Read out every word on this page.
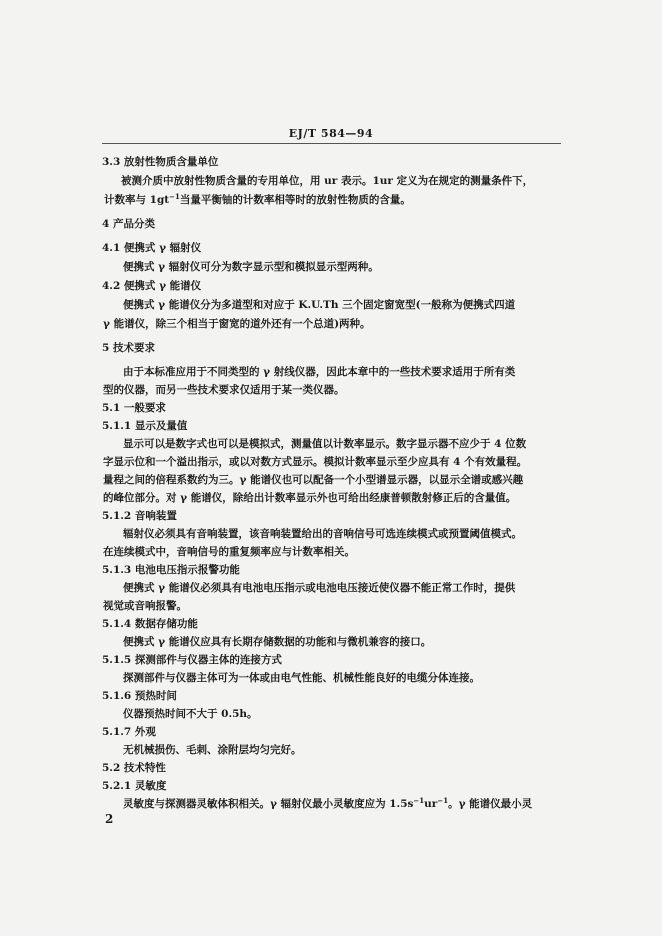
EJ/T 584—94
3.3 放射性物质含量单位
被测介质中放射性物质含量的专用单位，用 ur 表示。1ur 定义为在规定的测量条件下，
计数率与 $1gt^{-1}$当量平衡铀的计数率相等时的放射性物质的含量。
4 产品分类
4.1 便携式 γ 辐射仪
便携式 γ 辐射仪可分为数字显示型和模拟显示型两种。
4.2 便携式 γ 能谱仪
便携式 γ 能谱仪分为多道型和对应于 K.U.Th 三个固定窗宽型(一般称为便携式四道
γ 能谱仪，除三个相当于窗宽的道外还有一个总道)两种。
5 技术要求
由于本标准应用于不同类型的 γ 射线仪器，因此本章中的一些技术要求适用于所有类
型的仪器，而另一些技术要求仅适用于某一类仪器。
5.1 一般要求
5.1.1 显示及量值
显示可以是数字式也可以是模拟式，测量值以计数率显示。数字显示器不应少于 4 位数
字显示位和一个溢出指示，或以对数方式显示。模拟计数率显示至少应具有 4 个有效量程。
量程之间的倍程系数约为三。γ 能谱仪也可以配备一个小型谱显示器，以显示全谱或感兴趣
的峰位部分。对 γ 能谱仪，除给出计数率显示外也可给出经康普顿散射修正后的含量值。
5.1.2 音响装置
辐射仪必须具有音响装置，该音响装置给出的音响信号可选连续模式或预置阈值模式。
在连续模式中，音响信号的重复频率应与计数率相关。
5.1.3 电池电压指示报警功能
便携式 γ 能谱仪必须具有电池电压指示或电池电压接近使仪器不能正常工作时，提供
视觉或音响报警。
5.1.4 数据存储功能
便携式 γ 能谱仪应具有长期存储数据的功能和与微机兼容的接口。
5.1.5 探测部件与仪器主体的连接方式
探测部件与仪器主体可为一体或由电气性能、机械性能良好的电缆分体连接。
5.1.6 预热时间
仪器预热时间不大于 0.5h。
5.1.7 外观
无机械损伤、毛刺、涂附层均匀完好。
5.2 技术特性
5.2.1 灵敏度
灵敏度与探测器灵敏体积相关。γ 辐射仪最小灵敏度应为 $1.5s^{-1}ur^{-1}$。γ 能谱仪最小灵
2
